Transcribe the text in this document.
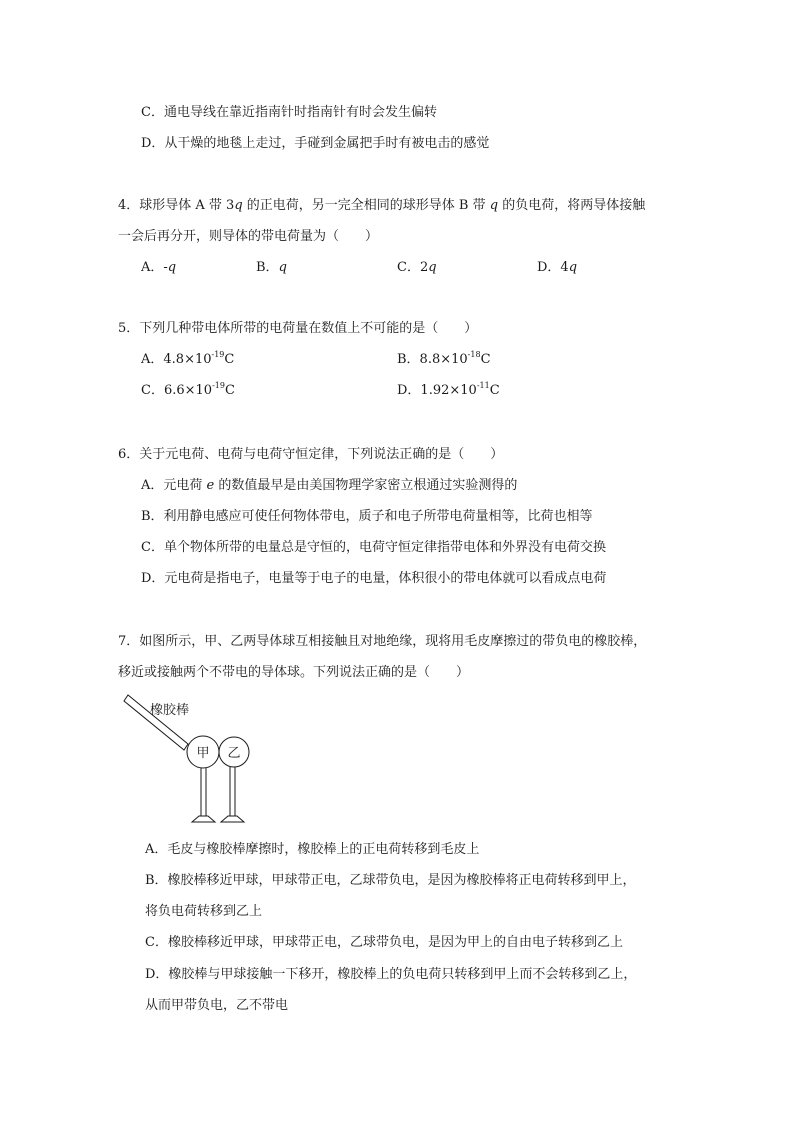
C．通电导线在靠近指南针时指南针有时会发生偏转
D．从干燥的地毯上走过，手碰到金属把手时有被电击的感觉
4．球形导体 A 带 3q 的正电荷，另一完全相同的球形导体 B 带 q 的负电荷，将两导体接触
一会后再分开，则导体的带电荷量为（　　）
A．-q	B．q	C．2q	D．4q
5．下列几种带电体所带的电荷量在数值上不可能的是（　　）
A．$4.8\times 10^{-19}C$	B．$8.8\times 10^{-18}C$
C．$6.6\times 10^{-19}C$	D．$1.92\times 10^{-11}C$
6．关于元电荷、电荷与电荷守恒定律，下列说法正确的是（　　）
A．元电荷 e 的数值最早是由美国物理学家密立根通过实验测得的
B．利用静电感应可使任何物体带电，质子和电子所带电荷量相等，比荷也相等
C．单个物体所带的电量总是守恒的，电荷守恒定律指带电体和外界没有电荷交换
D．元电荷是指电子，电量等于电子的电量，体积很小的带电体就可以看成点电荷
7．如图所示，甲、乙两导体球互相接触且对地绝缘，现将用毛皮摩擦过的带负电的橡胶棒，
移近或接触两个不带电的导体球。下列说法正确的是（　　）
橡胶棒
甲 乙
A．毛皮与橡胶棒摩擦时，橡胶棒上的正电荷转移到毛皮上
B．橡胶棒移近甲球，甲球带正电，乙球带负电，是因为橡胶棒将正电荷转移到甲上，
将负电荷转移到乙上
C．橡胶棒移近甲球，甲球带正电，乙球带负电，是因为甲上的自由电子转移到乙上
D．橡胶棒与甲球接触一下移开，橡胶棒上的负电荷只转移到甲上而不会转移到乙上，
从而甲带负电，乙不带电
